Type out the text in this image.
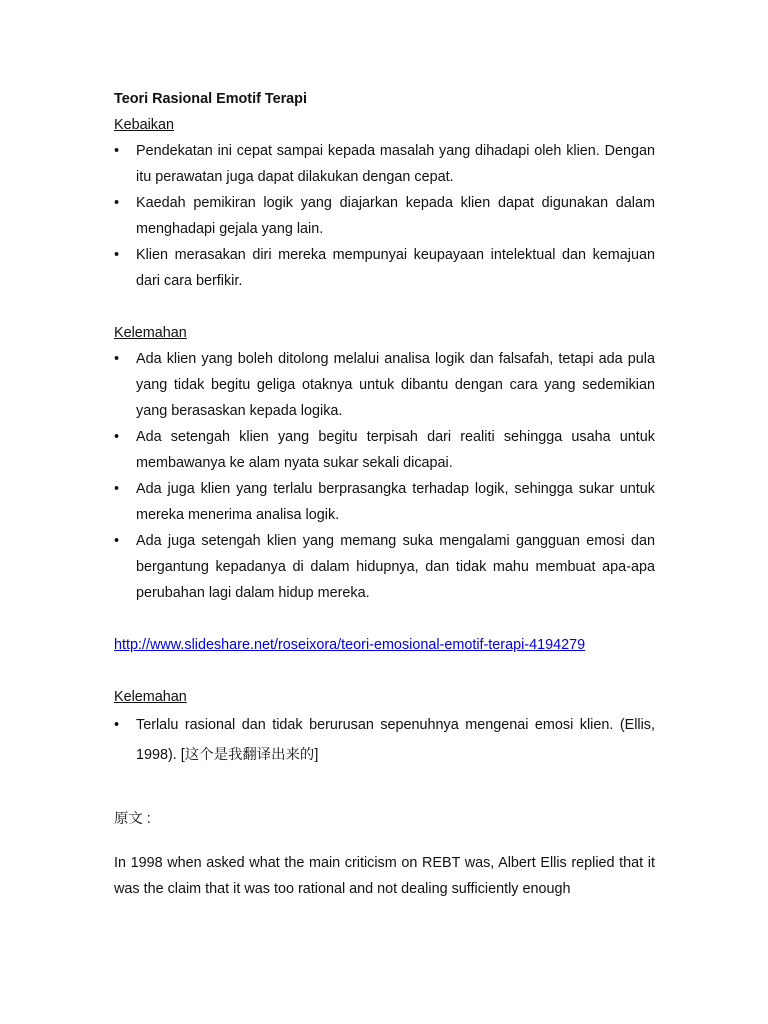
Teori Rasional Emotif Terapi

Kebaikan

• Pendekatan ini cepat sampai kepada masalah yang dihadapi oleh klien. Dengan itu perawatan juga dapat dilakukan dengan cepat.
• Kaedah pemikiran logik yang diajarkan kepada klien dapat digunakan dalam menghadapi gejala yang lain.
• Klien merasakan diri mereka mempunyai keupayaan intelektual dan kemajuan dari cara berfikir.

Kelemahan

• Ada klien yang boleh ditolong melalui analisa logik dan falsafah, tetapi ada pula yang tidak begitu geliga otaknya untuk dibantu dengan cara yang sedemikian yang berasaskan kepada logika.
• Ada setengah klien yang begitu terpisah dari realiti sehingga usaha untuk membawanya ke alam nyata sukar sekali dicapai.
• Ada juga klien yang terlalu berprasangka terhadap logik, sehingga sukar untuk mereka menerima analisa logik.
• Ada juga setengah klien yang memang suka mengalami gangguan emosi dan bergantung kepadanya di dalam hidupnya, dan tidak mahu membuat apa-apa perubahan lagi dalam hidup mereka.

http://www.slideshare.net/roseixora/teori-emosional-emotif-terapi-4194279

Kelemahan

• Terlalu rasional dan tidak berurusan sepenuhnya mengenai emosi klien. (Ellis, 1998). [这个是我翻译出来的]

原文 :

In 1998 when asked what the main criticism on REBT was, Albert Ellis replied that it was the claim that it was too rational and not dealing sufficiently enough
